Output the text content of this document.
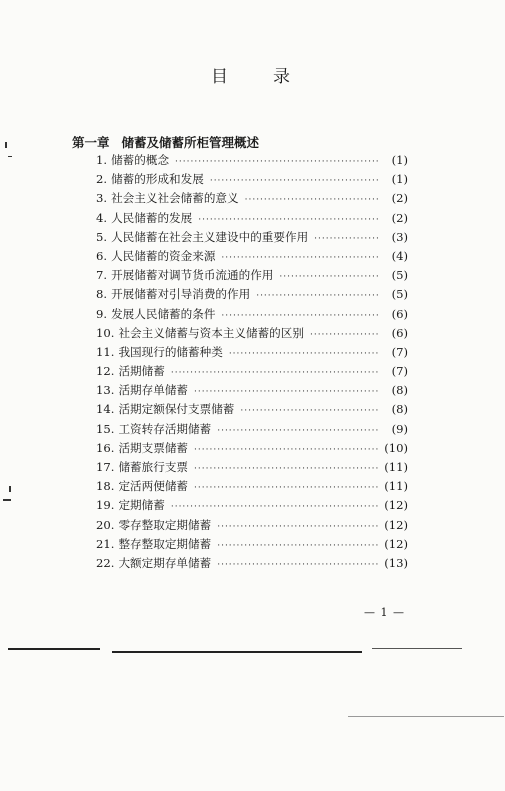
目　录
第一章 储蓄及储蓄所柜管理概述
1. 储蓄的概念 ·····	(1)
2. 储蓄的形成和发展 ·····	(1)
3. 社会主义社会储蓄的意义 ·····	(2)
4. 人民储蓄的发展 ·····	(2)
5. 人民储蓄在社会主义建设中的重要作用 ·····	(3)
6. 人民储蓄的资金来源 ·····	(4)
7. 开展储蓄对调节货币流通的作用 ·····	(5)
8. 开展储蓄对引导消费的作用 ·····	(5)
9. 发展人民储蓄的条件 ·····	(6)
10. 社会主义储蓄与资本主义储蓄的区别 ·····	(6)
11. 我国现行的储蓄种类 ·····	(7)
12. 活期储蓄 ·····	(7)
13. 活期存单储蓄 ·····	(8)
14. 活期定额保付支票储蓄 ·····	(8)
15. 工资转存活期储蓄 ·····	(9)
16. 活期支票储蓄 ·····	(10)
17. 储蓄旅行支票 ·····	(11)
18. 定活两便储蓄 ·····	(11)
19. 定期储蓄 ·····	(12)
20. 零存整取定期储蓄 ·····	(12)
21. 整存整取定期储蓄 ·····	(12)
22. 大额定期存单储蓄 ·····	(13)
— 1 —
